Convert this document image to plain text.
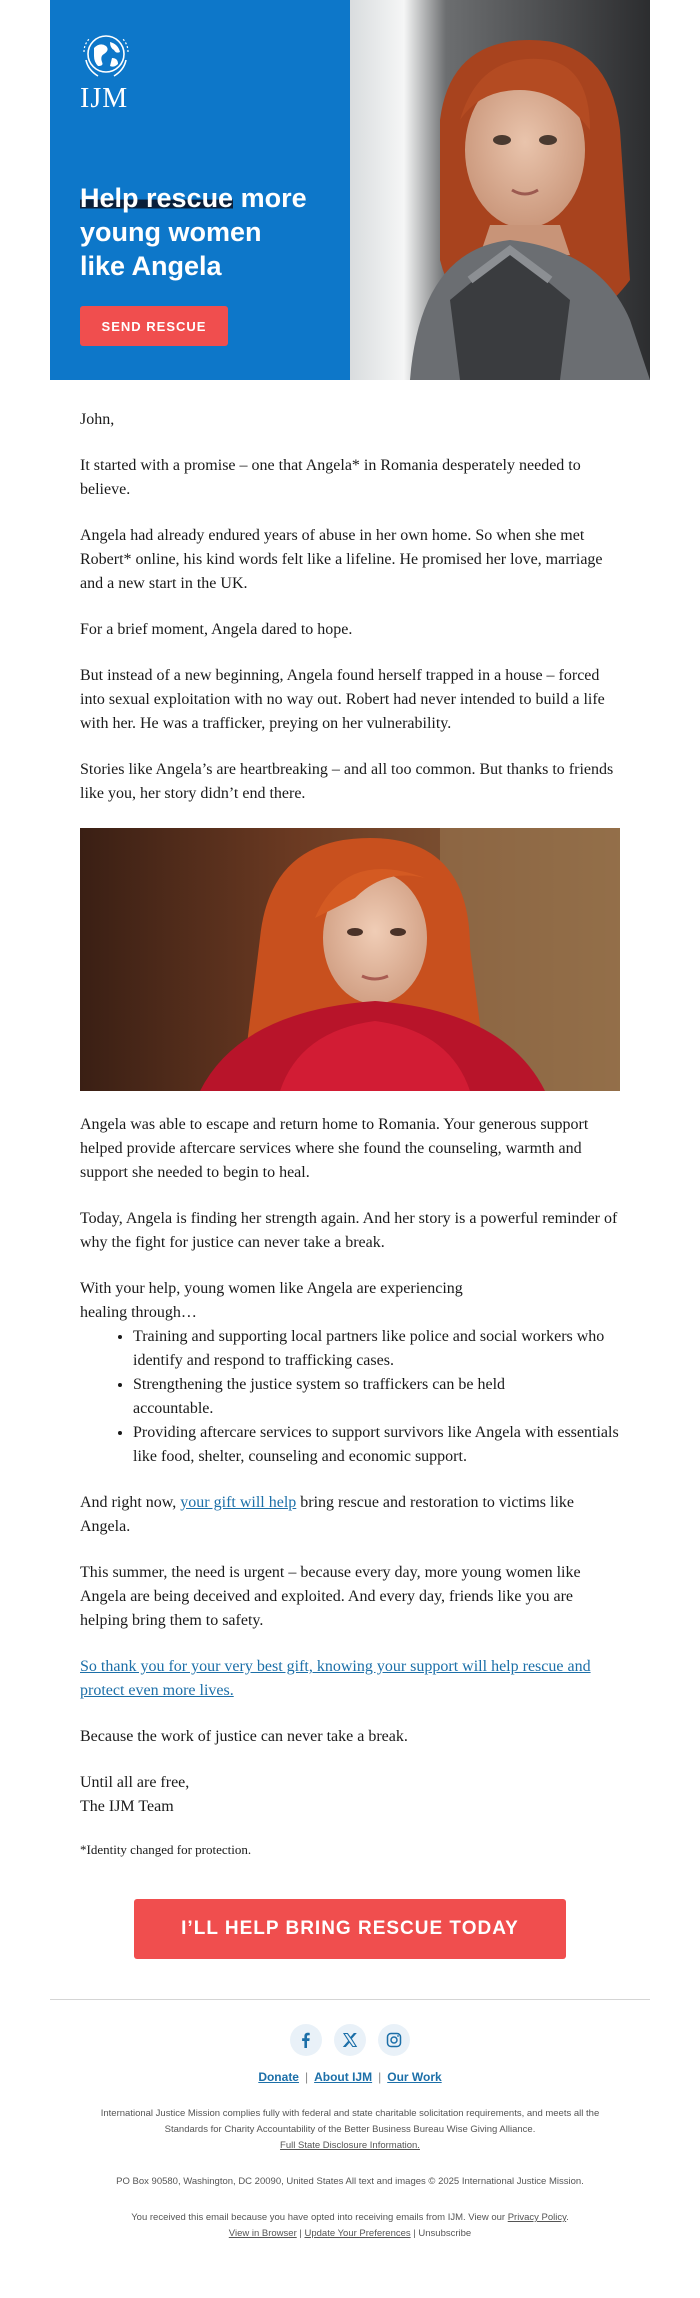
IJM
Help rescue more
young women
like Angela
SEND RESCUE

John,

It started with a promise – one that Angela* in Romania desperately needed to believe.

Angela had already endured years of abuse in her own home. So when she met Robert* online, his kind words felt like a lifeline. He promised her love, marriage and a new start in the UK.

For a brief moment, Angela dared to hope.

But instead of a new beginning, Angela found herself trapped in a house – forced into sexual exploitation with no way out. Robert had never intended to build a life with her. He was a trafficker, preying on her vulnerability.

Stories like Angela’s are heartbreaking – and all too common. But thanks to friends like you, her story didn’t end there.

Angela was able to escape and return home to Romania. Your generous support helped provide aftercare services where she found the counseling, warmth and support she needed to begin to heal.

Today, Angela is finding her strength again. And her story is a powerful reminder of why the fight for justice can never take a break.

With your help, young women like Angela are experiencing healing through…

• Training and supporting local partners like police and social workers who identify and respond to trafficking cases.
• Strengthening the justice system so traffickers can be held accountable.
• Providing aftercare services to support survivors like Angela with essentials like food, shelter, counseling and economic support.

And right now, your gift will help bring rescue and restoration to victims like Angela.

This summer, the need is urgent – because every day, more young women like Angela are being deceived and exploited. And every day, friends like you are helping bring them to safety.

So thank you for your very best gift, knowing your support will help rescue and protect even more lives.

Because the work of justice can never take a break.

Until all are free,
The IJM Team
*Identity changed for protection.
I’LL HELP BRING RESCUE TODAY
Donate | About IJM | Our Work
International Justice Mission complies fully with federal and state charitable solicitation requirements, and meets all the Standards for Charity Accountability of the Better Business Bureau Wise Giving Alliance.
Full State Disclosure Information.
PO Box 90580, Washington, DC 20090, United States All text and images © 2025 International Justice Mission.
You received this email because you have opted into receiving emails from IJM. View our Privacy Policy.
View in Browser | Update Your Preferences | Unsubscribe
